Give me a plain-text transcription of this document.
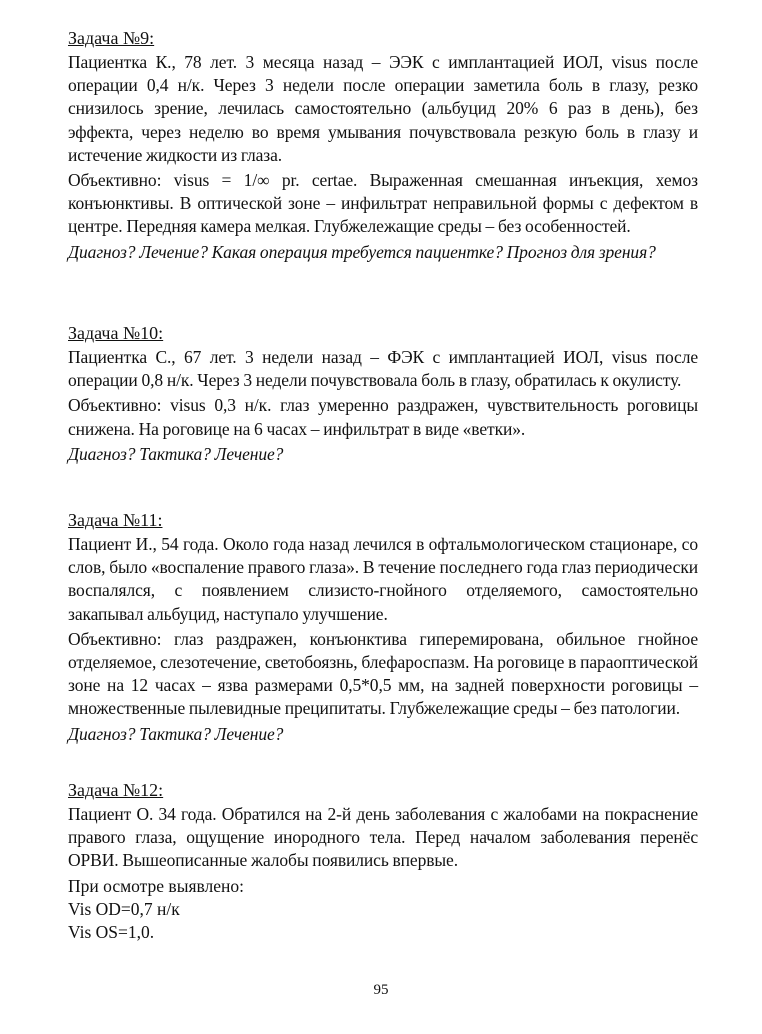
Задача №9:

Пациентка К., 78 лет. 3 месяца назад – ЭЭК с имплантацией ИОЛ, visus после операции 0,4 н/к. Через 3 недели после операции заметила боль в глазу, резко снизилось зрение, лечилась самостоятельно (альбуцид 20% 6 раз в день), без эффекта, через неделю во время умывания почувствовала резкую боль в глазу и истечение жидкости из глаза.

Объективно: visus = 1/∞ pr. certae. Выраженная смешанная инъекция, хемоз конъюнктивы. В оптической зоне – инфильтрат неправильной формы с дефектом в центре. Передняя камера мелкая. Глубжележащие среды – без особенностей.

Диагноз? Лечение? Какая операция требуется пациентке? Прогноз для зрения?

Задача №10:

Пациентка С., 67 лет. 3 недели назад – ФЭК с имплантацией ИОЛ, visus после операции 0,8 н/к. Через 3 недели почувствовала боль в глазу, обратилась к окулисту.

Объективно: visus 0,3 н/к. глаз умеренно раздражен, чувствительность роговицы снижена. На роговице на 6 часах – инфильтрат в виде «ветки».

Диагноз? Тактика? Лечение?

Задача №11:

Пациент И., 54 года. Около года назад лечился в офтальмологическом стационаре, со слов, было «воспаление правого глаза». В течение последнего года глаз периодически воспалялся, с появлением слизисто-гнойного отделяемого, самостоятельно закапывал альбуцид, наступало улучшение.

Объективно: глаз раздражен, конъюнктива гиперемирована, обильное гнойное отделяемое, слезотечение, светобоязнь, блефароспазм. На роговице в параоптической зоне на 12 часах – язва размерами 0,5*0,5 мм, на задней поверхности роговицы – множественные пылевидные преципитаты. Глубжележащие среды – без патологии.

Диагноз? Тактика? Лечение?

Задача №12:

Пациент О. 34 года. Обратился на 2-й день заболевания с жалобами на покраснение правого глаза, ощущение инородного тела. Перед началом заболевания перенёс ОРВИ. Вышеописанные жалобы появились впервые.

При осмотре выявлено:

Vis OD=0,7 н/к

Vis OS=1,0.

95
